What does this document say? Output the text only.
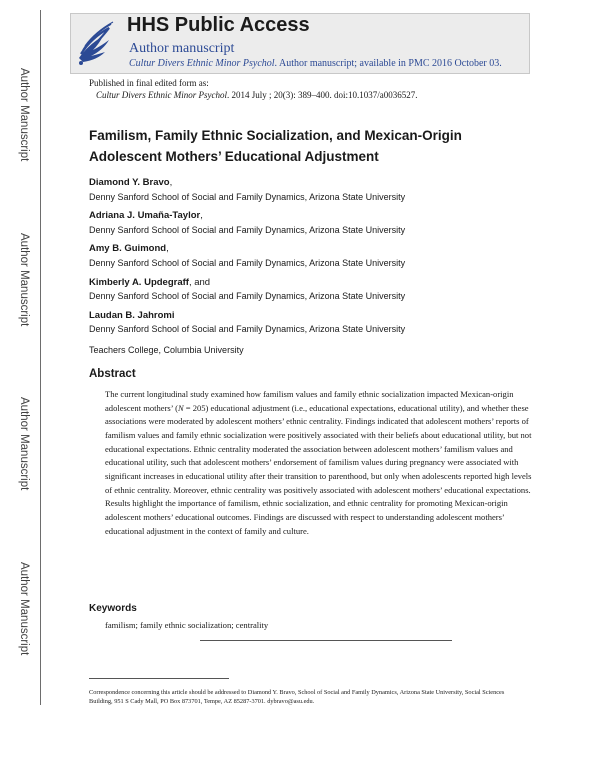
Author Manuscript
Author Manuscript
Author Manuscript
Author Manuscript
HHS Public Access
Author manuscript
Cultur Divers Ethnic Minor Psychol. Author manuscript; available in PMC 2016 October 03.
Published in final edited form as:
Cultur Divers Ethnic Minor Psychol. 2014 July ; 20(3): 389–400. doi:10.1037/a0036527.
Familism, Family Ethnic Socialization, and Mexican-Origin Adolescent Mothers’ Educational Adjustment
Diamond Y. Bravo,
Denny Sanford School of Social and Family Dynamics, Arizona State University
Adriana J. Umaña-Taylor,
Denny Sanford School of Social and Family Dynamics, Arizona State University
Amy B. Guimond,
Denny Sanford School of Social and Family Dynamics, Arizona State University
Kimberly A. Updegraff, and
Denny Sanford School of Social and Family Dynamics, Arizona State University
Laudan B. Jahromi
Denny Sanford School of Social and Family Dynamics, Arizona State University
Teachers College, Columbia University
Abstract
The current longitudinal study examined how familism values and family ethnic socialization impacted Mexican-origin adolescent mothers’ (N = 205) educational adjustment (i.e., educational expectations, educational utility), and whether these associations were moderated by adolescent mothers’ ethnic centrality. Findings indicated that adolescent mothers’ reports of familism values and family ethnic socialization were positively associated with their beliefs about educational utility, but not educational expectations. Ethnic centrality moderated the association between adolescent mothers’ familism values and educational utility, such that adolescent mothers’ endorsement of familism values during pregnancy were associated with significant increases in educational utility after their transition to parenthood, but only when adolescents reported high levels of ethnic centrality. Moreover, ethnic centrality was positively associated with adolescent mothers’ educational expectations. Results highlight the importance of familism, ethnic socialization, and ethnic centrality for promoting Mexican-origin adolescent mothers’ educational outcomes. Findings are discussed with respect to understanding adolescent mothers’ educational adjustment in the context of family and culture.
Keywords
familism; family ethnic socialization; centrality
Correspondence concerning this article should be addressed to Diamond Y. Bravo, School of Social and Family Dynamics, Arizona State University, Social Sciences Building, 951 S Cady Mall, PO Box 873701, Tempe, AZ 85287-3701. dybravo@asu.edu.
